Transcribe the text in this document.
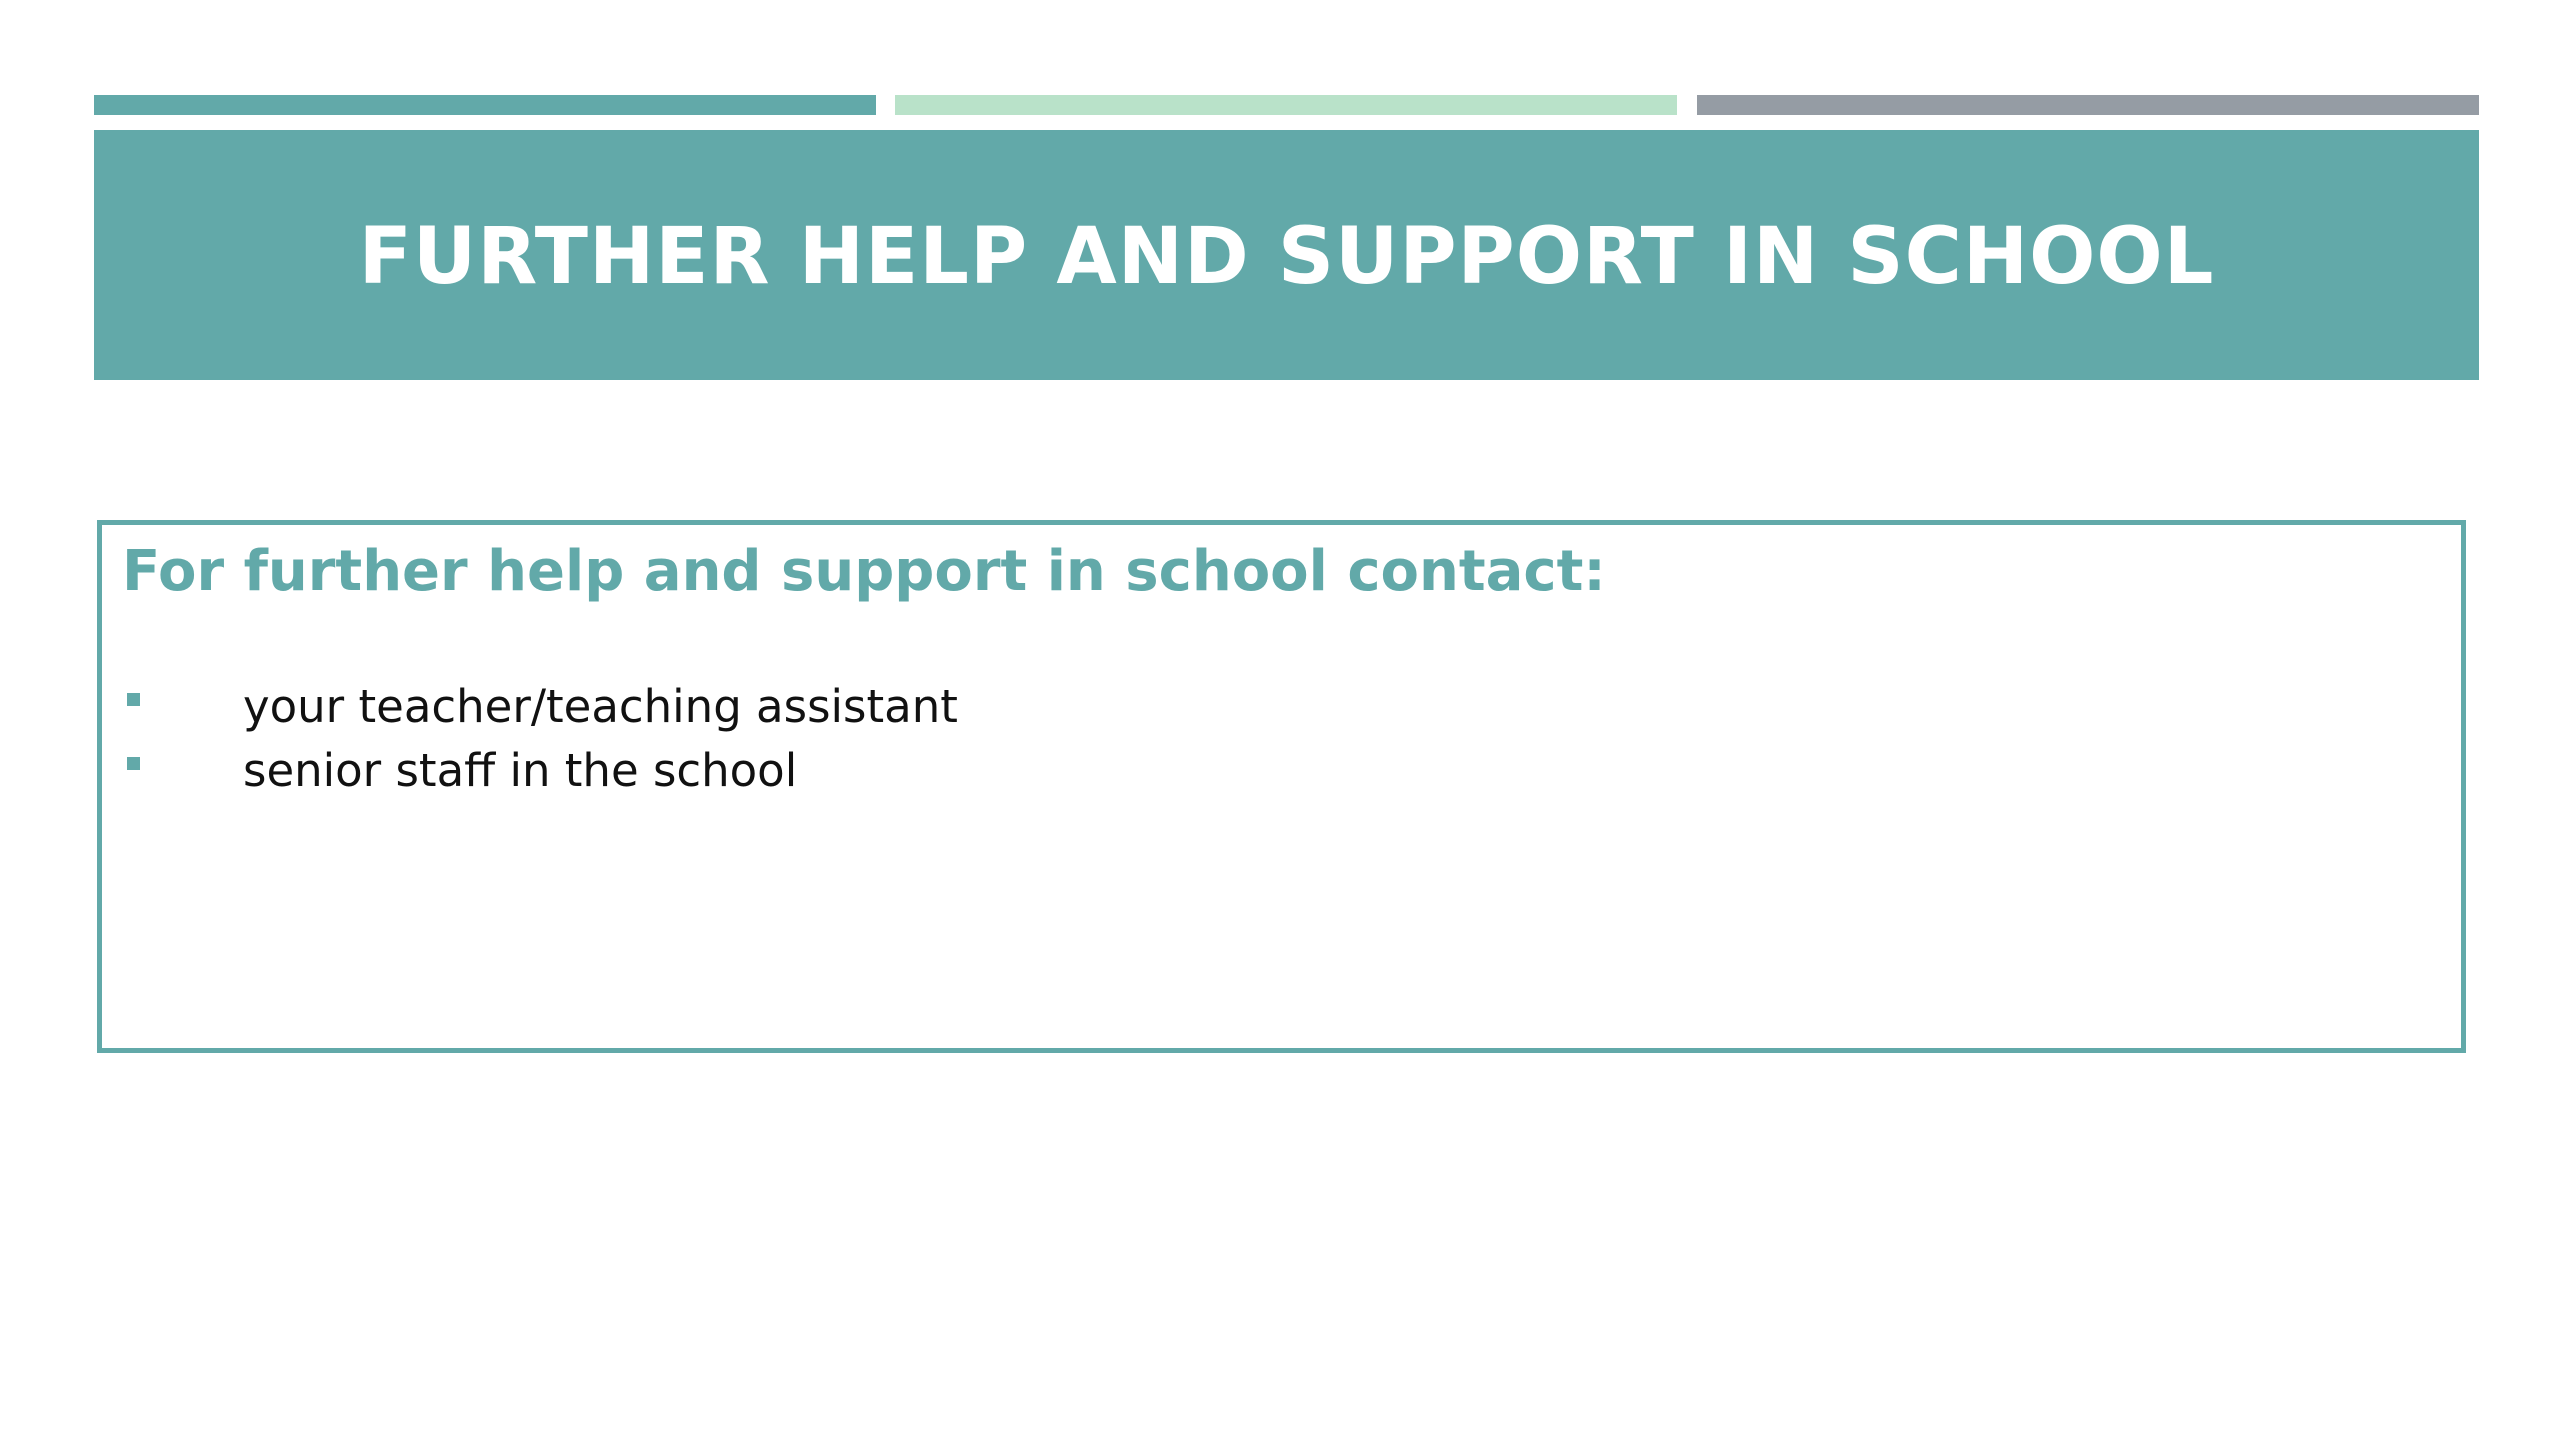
FURTHER HELP AND SUPPORT IN SCHOOL
For further help and support in school contact:
your teacher/teaching assistant
senior staff in the school
